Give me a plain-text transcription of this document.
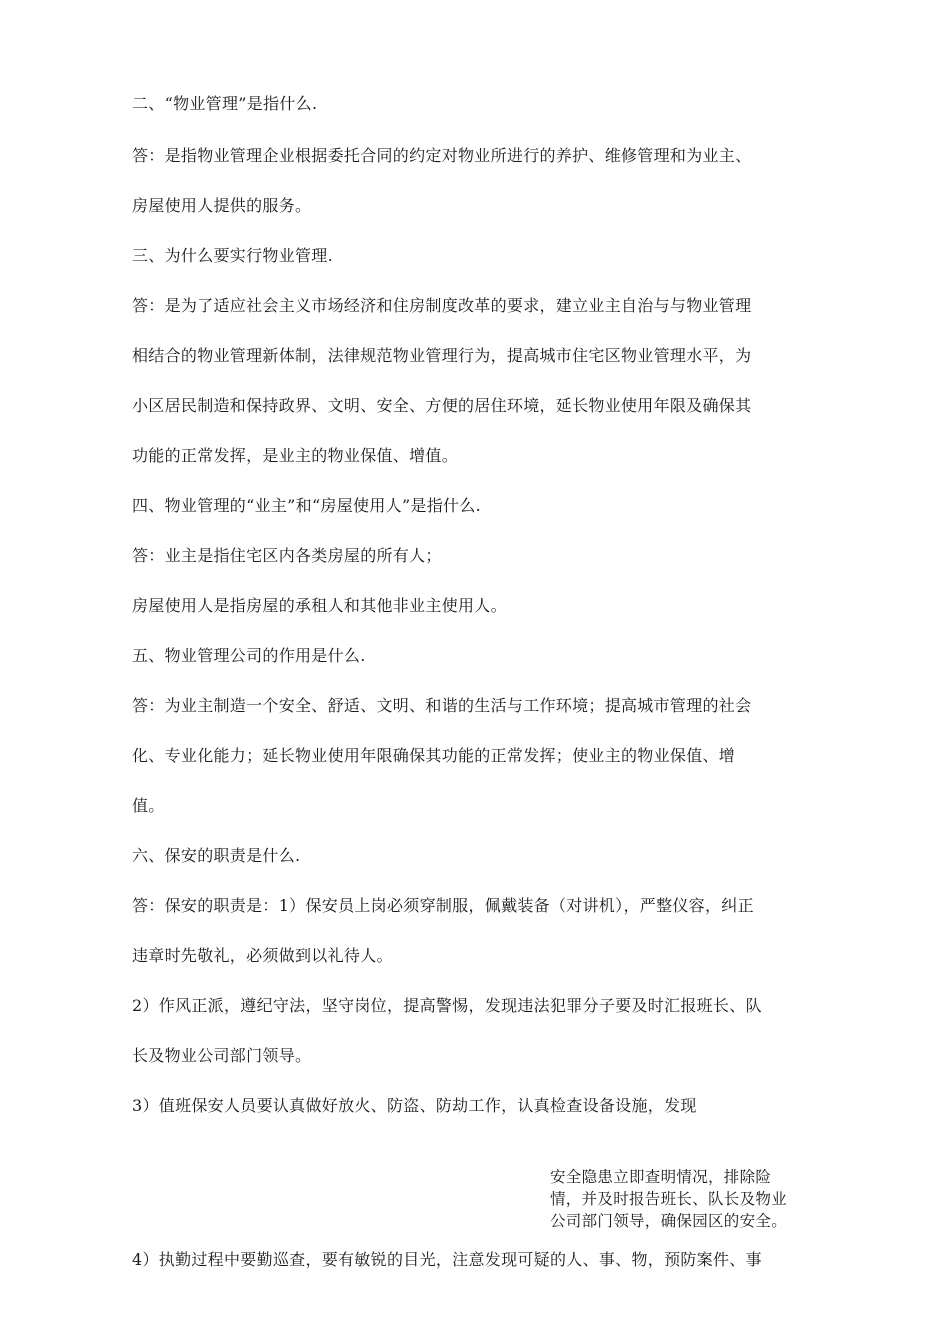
二、“物业管理”是指什么.
答：是指物业管理企业根据委托合同的约定对物业所进行的养护、维修管理和为业主、
房屋使用人提供的服务。
三、为什么要实行物业管理.
答：是为了适应社会主义市场经济和住房制度改革的要求，建立业主自治与与物业管理
相结合的物业管理新体制，法律规范物业管理行为，提高城市住宅区物业管理水平，为
小区居民制造和保持政界、文明、安全、方便的居住环境，延长物业使用年限及确保其
功能的正常发挥，是业主的物业保值、增值。
四、物业管理的“业主”和“房屋使用人”是指什么.
答：业主是指住宅区内各类房屋的所有人；
房屋使用人是指房屋的承租人和其他非业主使用人。
五、物业管理公司的作用是什么.
答：为业主制造一个安全、舒适、文明、和谐的生活与工作环境；提高城市管理的社会
化、专业化能力；延长物业使用年限确保其功能的正常发挥；使业主的物业保值、增
值。
六、保安的职责是什么.
答：保安的职责是：1）保安员上岗必须穿制服，佩戴装备（对讲机），严整仪容，纠正
违章时先敬礼，必须做到以礼待人。
2）作风正派，遵纪守法，坚守岗位，提高警惕，发现违法犯罪分子要及时汇报班长、队
长及物业公司部门领导。
3）值班保安人员要认真做好放火、防盗、防劫工作，认真检查设备设施，发现
安全隐患立即查明情况，排除险
情，并及时报告班长、队长及物业
公司部门领导，确保园区的安全。
4）执勤过程中要勤巡查，要有敏锐的目光，注意发现可疑的人、事、物，预防案件、事
